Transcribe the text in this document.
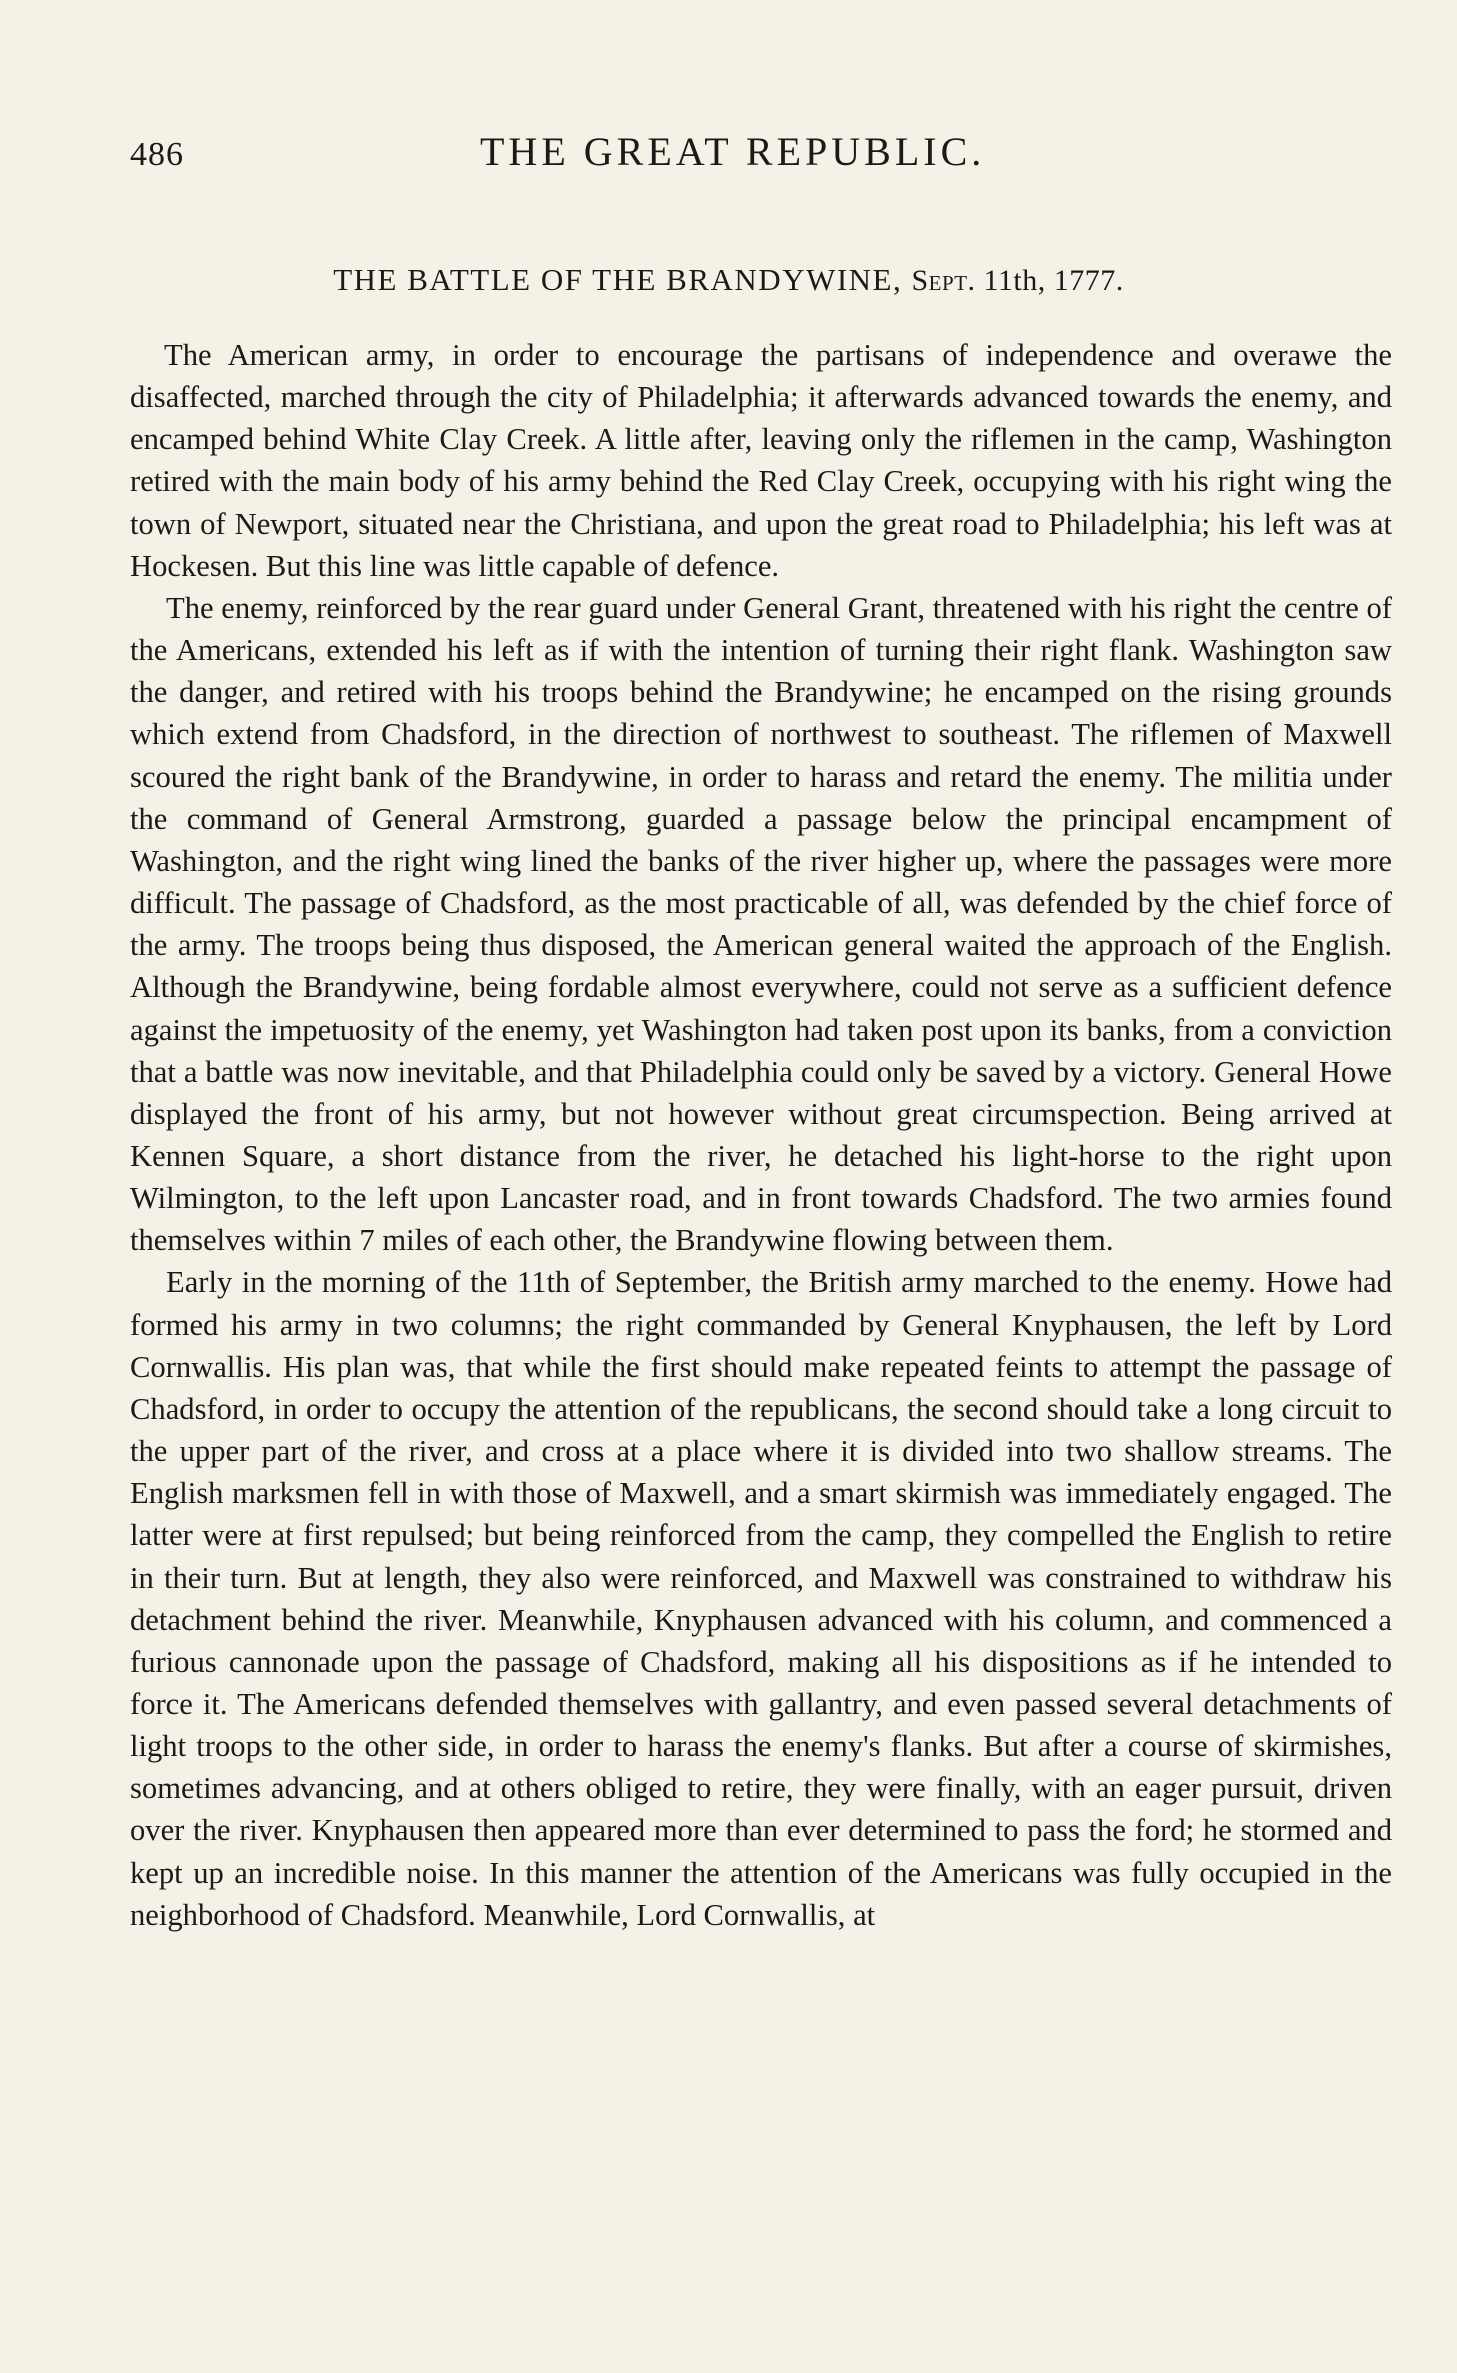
486	THE GREAT REPUBLIC.
THE BATTLE OF THE BRANDYWINE, Sept. 11th, 1777.

The American army, in order to encourage the partisans of independence and overawe the disaffected, marched through the city of Philadelphia; it afterwards advanced towards the enemy, and encamped behind White Clay Creek. A little after, leaving only the riflemen in the camp, Washington retired with the main body of his army behind the Red Clay Creek, occupying with his right wing the town of Newport, situated near the Christiana, and upon the great road to Philadelphia; his left was at Hockesen. But this line was little capable of defence.

The enemy, reinforced by the rear guard under General Grant, threatened with his right the centre of the Americans, extended his left as if with the intention of turning their right flank. Washington saw the danger, and retired with his troops behind the Brandywine; he encamped on the rising grounds which extend from Chadsford, in the direction of northwest to southeast. The riflemen of Maxwell scoured the right bank of the Brandywine, in order to harass and retard the enemy. The militia under the command of General Armstrong, guarded a passage below the principal encampment of Washington, and the right wing lined the banks of the river higher up, where the passages were more difficult. The passage of Chadsford, as the most practicable of all, was defended by the chief force of the army. The troops being thus disposed, the American general waited the approach of the English. Although the Brandywine, being fordable almost everywhere, could not serve as a sufficient defence against the impetuosity of the enemy, yet Washington had taken post upon its banks, from a conviction that a battle was now inevitable, and that Philadelphia could only be saved by a victory. General Howe displayed the front of his army, but not however without great circumspection. Being arrived at Kennen Square, a short distance from the river, he detached his light-horse to the right upon Wilmington, to the left upon Lancaster road, and in front towards Chadsford. The two armies found themselves within 7 miles of each other, the Brandywine flowing between them.

Early in the morning of the 11th of September, the British army marched to the enemy. Howe had formed his army in two columns; the right commanded by General Knyphausen, the left by Lord Cornwallis. His plan was, that while the first should make repeated feints to attempt the passage of Chadsford, in order to occupy the attention of the republicans, the second should take a long circuit to the upper part of the river, and cross at a place where it is divided into two shallow streams. The English marksmen fell in with those of Maxwell, and a smart skirmish was immediately engaged. The latter were at first repulsed; but being reinforced from the camp, they compelled the English to retire in their turn. But at length, they also were reinforced, and Maxwell was constrained to withdraw his detachment behind the river. Meanwhile, Knyphausen advanced with his column, and commenced a furious cannonade upon the passage of Chadsford, making all his dispositions as if he intended to force it. The Americans defended themselves with gallantry, and even passed several detachments of light troops to the other side, in order to harass the enemy's flanks. But after a course of skirmishes, sometimes advancing, and at others obliged to retire, they were finally, with an eager pursuit, driven over the river. Knyphausen then appeared more than ever determined to pass the ford; he stormed and kept up an incredible noise. In this manner the attention of the Americans was fully occupied in the neighborhood of Chadsford. Meanwhile, Lord Cornwallis, at
